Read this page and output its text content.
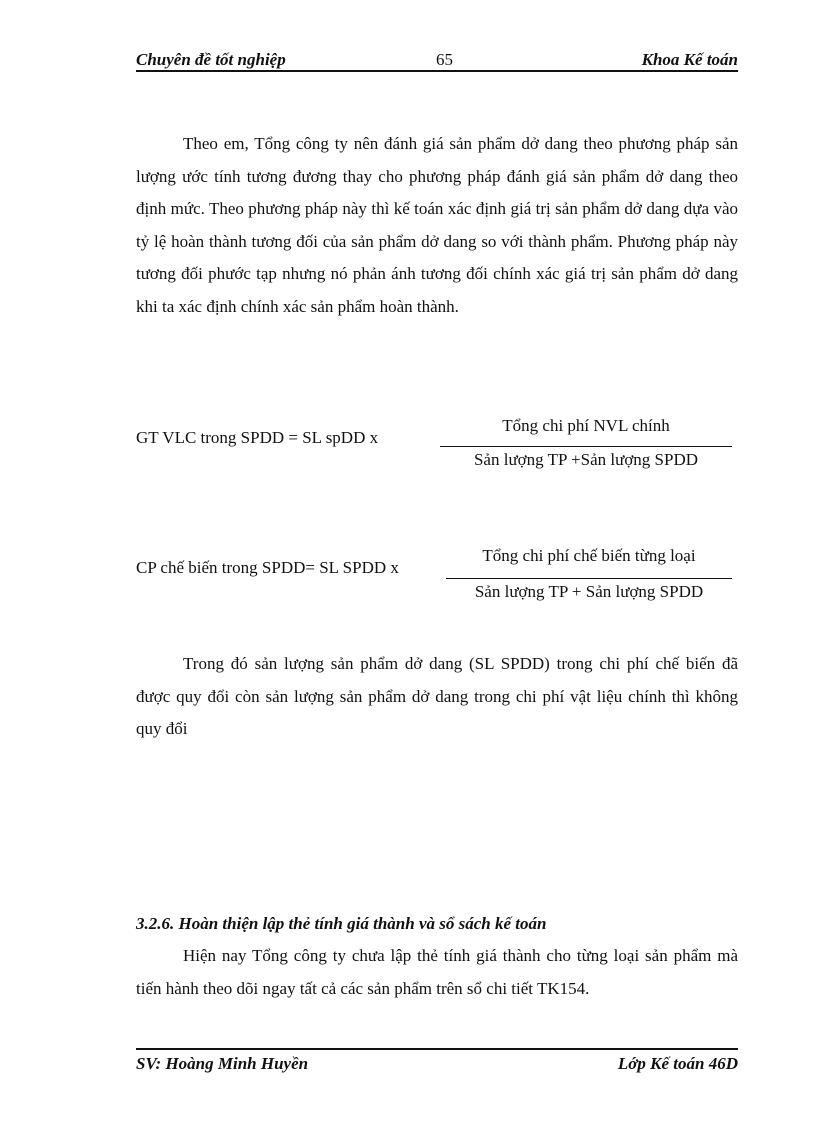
Chuyên đề tốt nghiệp	65	Khoa Kế toán

Theo em, Tổng công ty nên đánh giá sản phẩm dở dang theo phương pháp sản lượng ước tính tương đương thay cho phương pháp đánh giá sản phẩm dở dang theo định mức. Theo phương pháp này thì kế toán xác định giá trị sản phẩm dở dang dựa vào tỷ lệ hoàn thành tương đối của sản phẩm dở dang so với thành phẩm. Phương pháp này tương đối phước tạp nhưng nó phản ánh tương đối chính xác giá trị sản phẩm dở dang khi ta xác định chính xác sản phẩm hoàn thành.

GT VLC trong SPDD = SL spDD x
Tổng chi phí NVL chính
Sản lượng TP +Sản lượng SPDD
CP chế biến trong SPDD= SL SPDD x
Tổng chi phí chế biến từng loại
Sản lượng TP + Sản lượng SPDD

Trong đó sản lượng sản phẩm dở dang (SL SPDD) trong chi phí chế biến đã được quy đổi còn sản lượng sản phẩm dở dang trong chi phí vật liệu chính thì không quy đổi

3.2.6. Hoàn thiện lập thẻ tính giá thành và sổ sách kế toán

Hiện nay Tổng công ty chưa lập thẻ tính giá thành cho từng loại sản phẩm mà tiến hành theo dõi ngay tất cả các sản phẩm trên sổ chi tiết TK154.

SV: Hoàng Minh Huyền	Lớp Kế toán 46D
